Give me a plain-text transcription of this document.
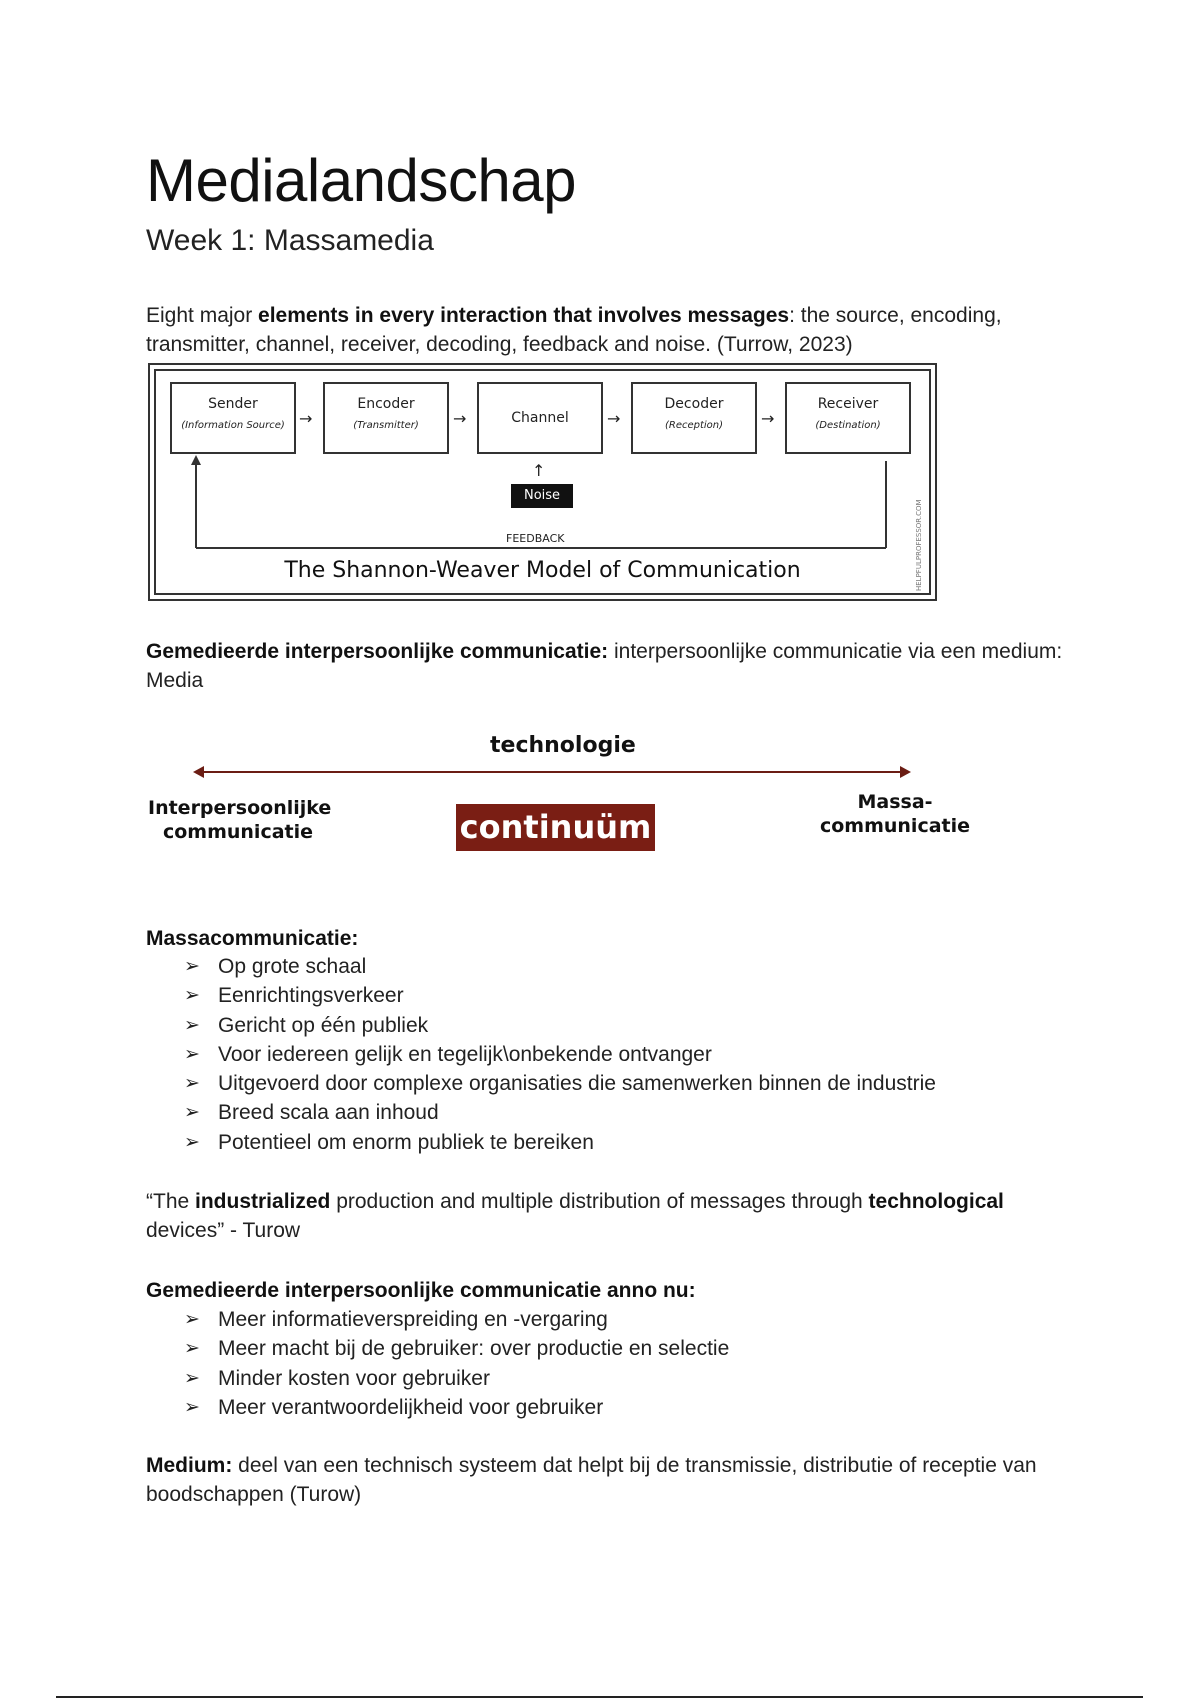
Medialandschap

Week 1: Massamedia

Eight major elements in every interaction that involves messages: the source, encoding, transmitter, channel, receiver, decoding, feedback and noise. (Turrow, 2023)

Gemedieerde interpersoonlijke communicatie: interpersoonlijke communicatie via een medium: Media

Massacommunicatie:

➢ Op grote schaal
➢ Eenrichtingsverkeer
➢ Gericht op één publiek
➢ Voor iedereen gelijk en tegelijk\onbekende ontvanger
➢ Uitgevoerd door complexe organisaties die samenwerken binnen de industrie
➢ Breed scala aan inhoud
➢ Potentieel om enorm publiek te bereiken

“The industrialized production and multiple distribution of messages through technological devices” - Turow

Gemedieerde interpersoonlijke communicatie anno nu:

➢ Meer informatieverspreiding en -vergaring
➢ Meer macht bij de gebruiker: over productie en selectie
➢ Minder kosten voor gebruiker
➢ Meer verantwoordelijkheid voor gebruiker

Medium: deel van een technisch systeem dat helpt bij de transmissie, distributie of receptie van boodschappen (Turow)

Sender
(Information Source) →
Encoder
(Transmitter)	→	Channel	→
Decoder
(Reception)	→
Receiver
(Destination)
↑
Noise
FEEDBACK
The Shannon-Weaver Model of Communication	HELPFULPROFESSOR.COM
technologie
Interpersoonlijke
communicatie	continuüm
Massa-
communicatie
